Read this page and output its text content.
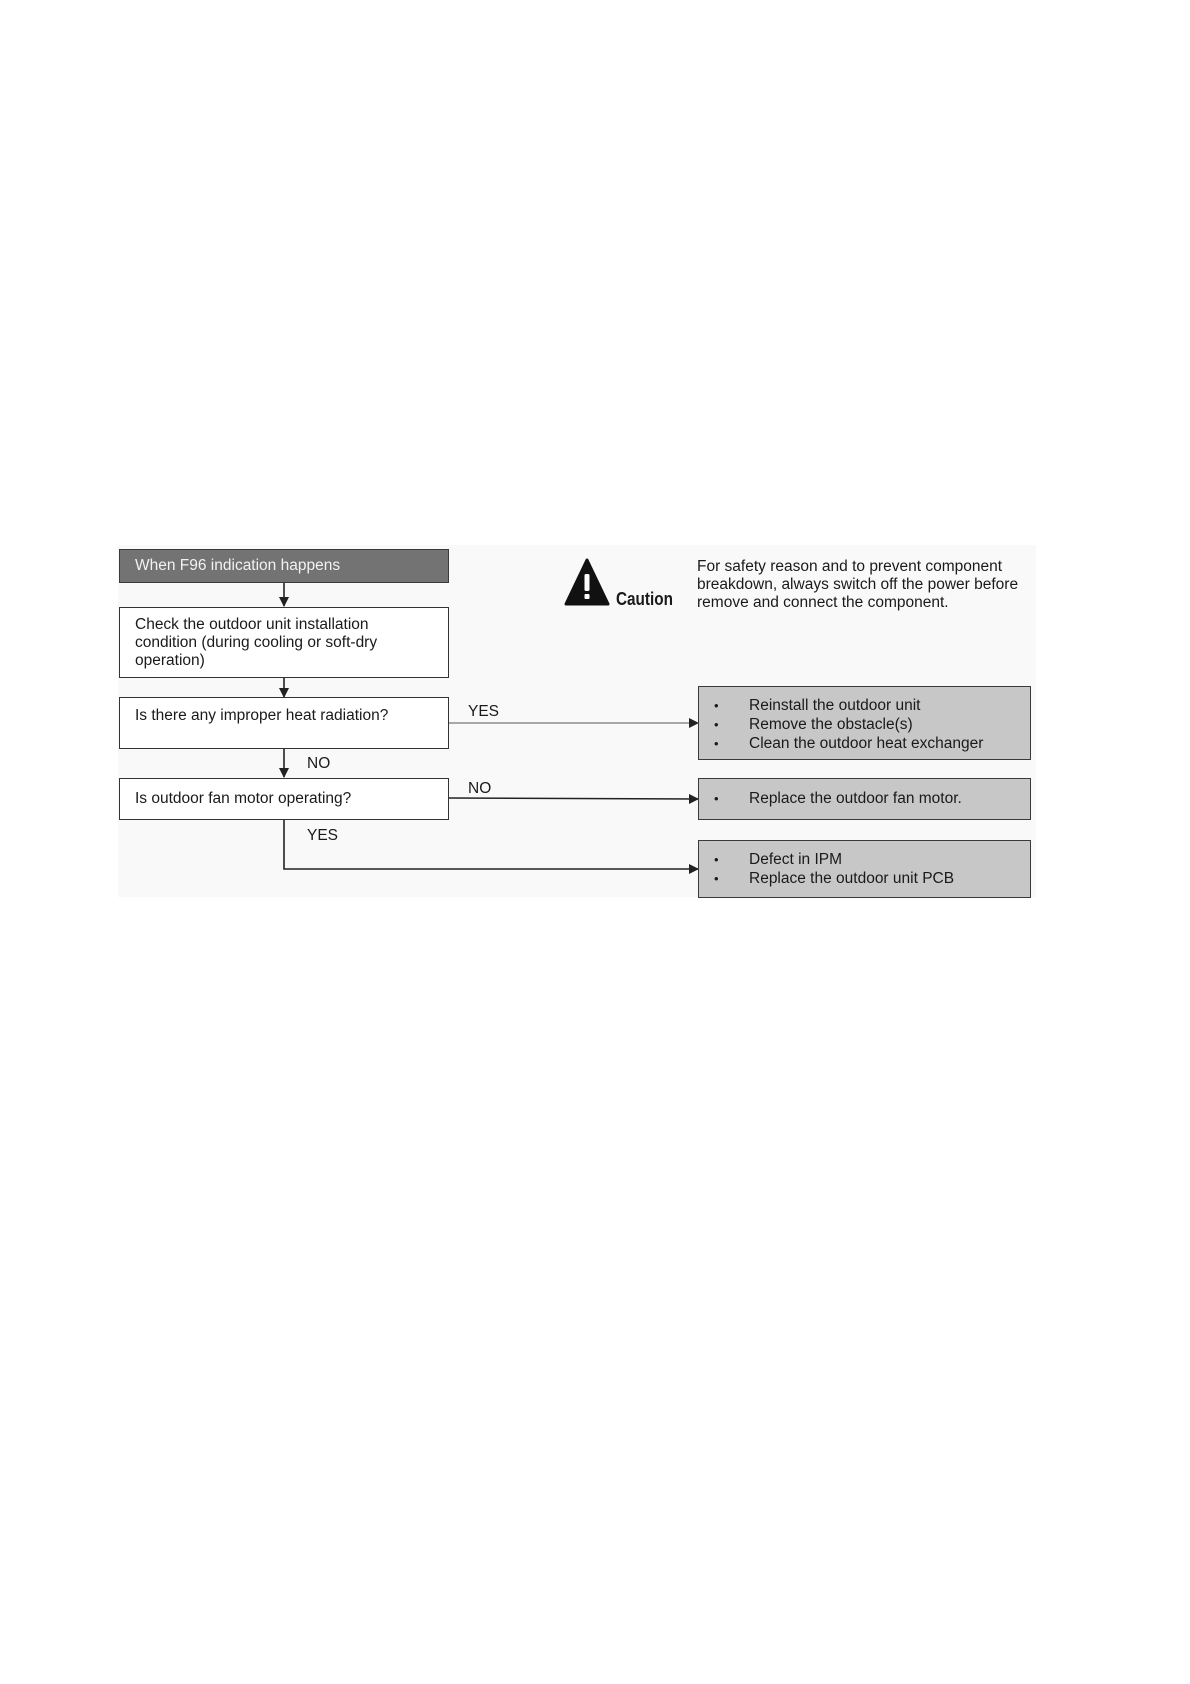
When F96 indication happens
Check the outdoor unit installation condition (during cooling or soft-dry operation)
Is there any improper heat radiation?
Is outdoor fan motor operating?
YES
NO
NO
YES
• Reinstall the outdoor unit
• Remove the obstacle(s)
• Clean the outdoor heat exchanger
• Replace the outdoor fan motor.
• Defect in IPM
• Replace the outdoor unit PCB
Caution
For safety reason and to prevent component breakdown, always switch off the power before remove and connect the component.
